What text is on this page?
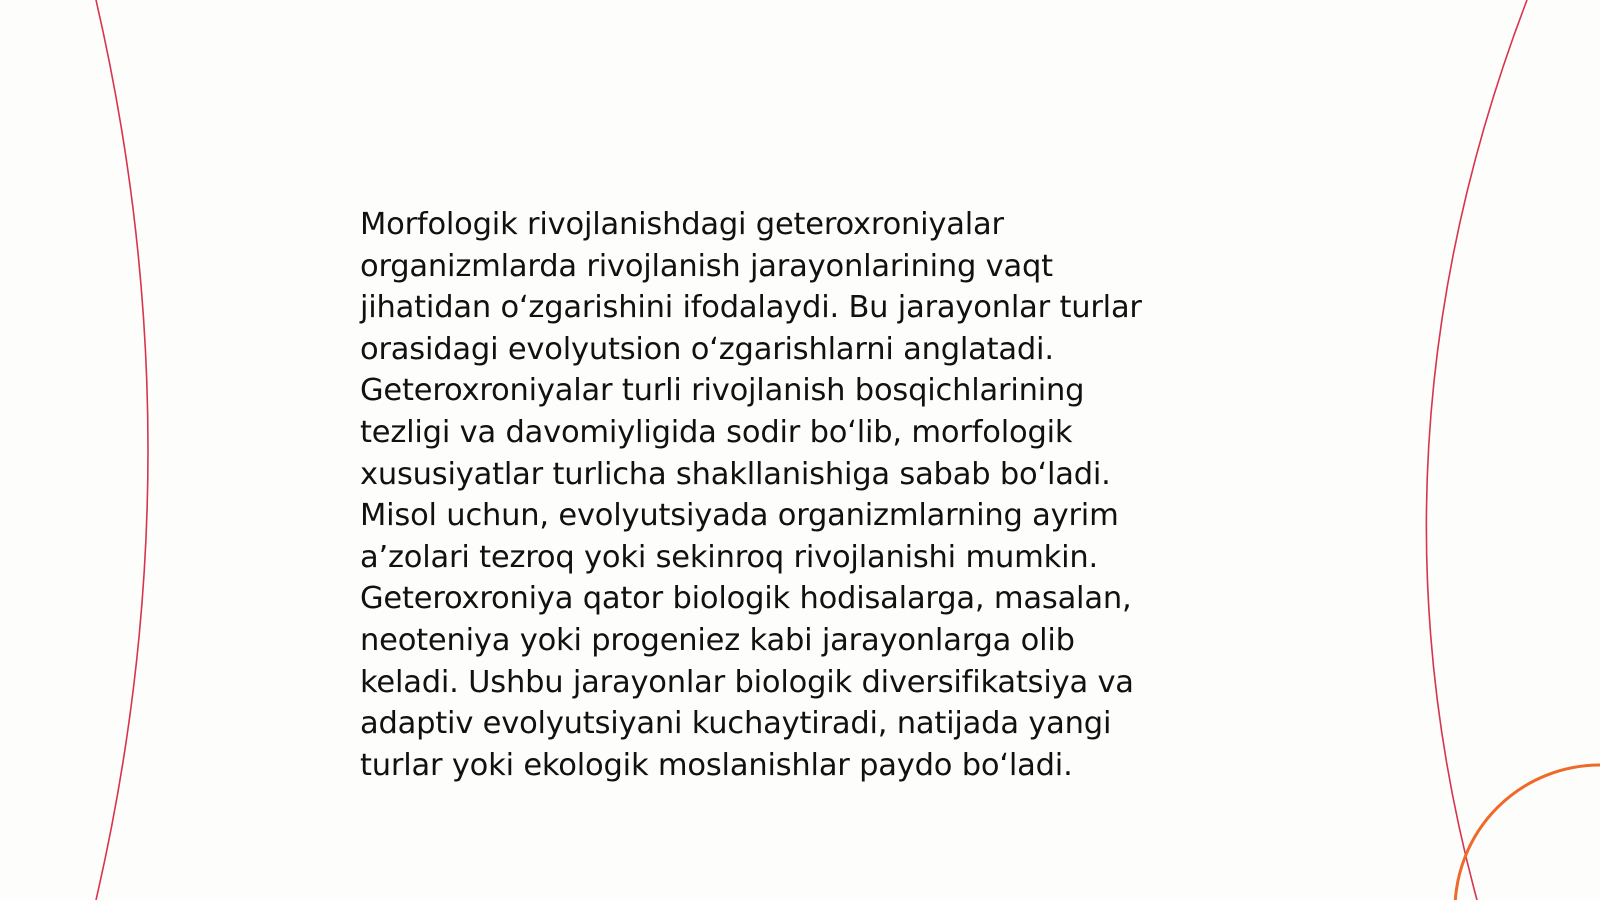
Morfologik rivojlanishdagi geteroxroniyalar
organizmlarda rivojlanish jarayonlarining vaqt
jihatidan oʻzgarishini ifodalaydi. Bu jarayonlar turlar
orasidagi evolyutsion oʻzgarishlarni anglatadi.
Geteroxroniyalar turli rivojlanish bosqichlarining
tezligi va davomiyligida sodir boʻlib, morfologik
xususiyatlar turlicha shakllanishiga sabab boʻladi.
Misol uchun, evolyutsiyada organizmlarning ayrim
aʼzolari tezroq yoki sekinroq rivojlanishi mumkin.
Geteroxroniya qator biologik hodisalarga, masalan,
neoteniya yoki progeniez kabi jarayonlarga olib
keladi. Ushbu jarayonlar biologik diversifikatsiya va
adaptiv evolyutsiyani kuchaytiradi, natijada yangi
turlar yoki ekologik moslanishlar paydo boʻladi.
